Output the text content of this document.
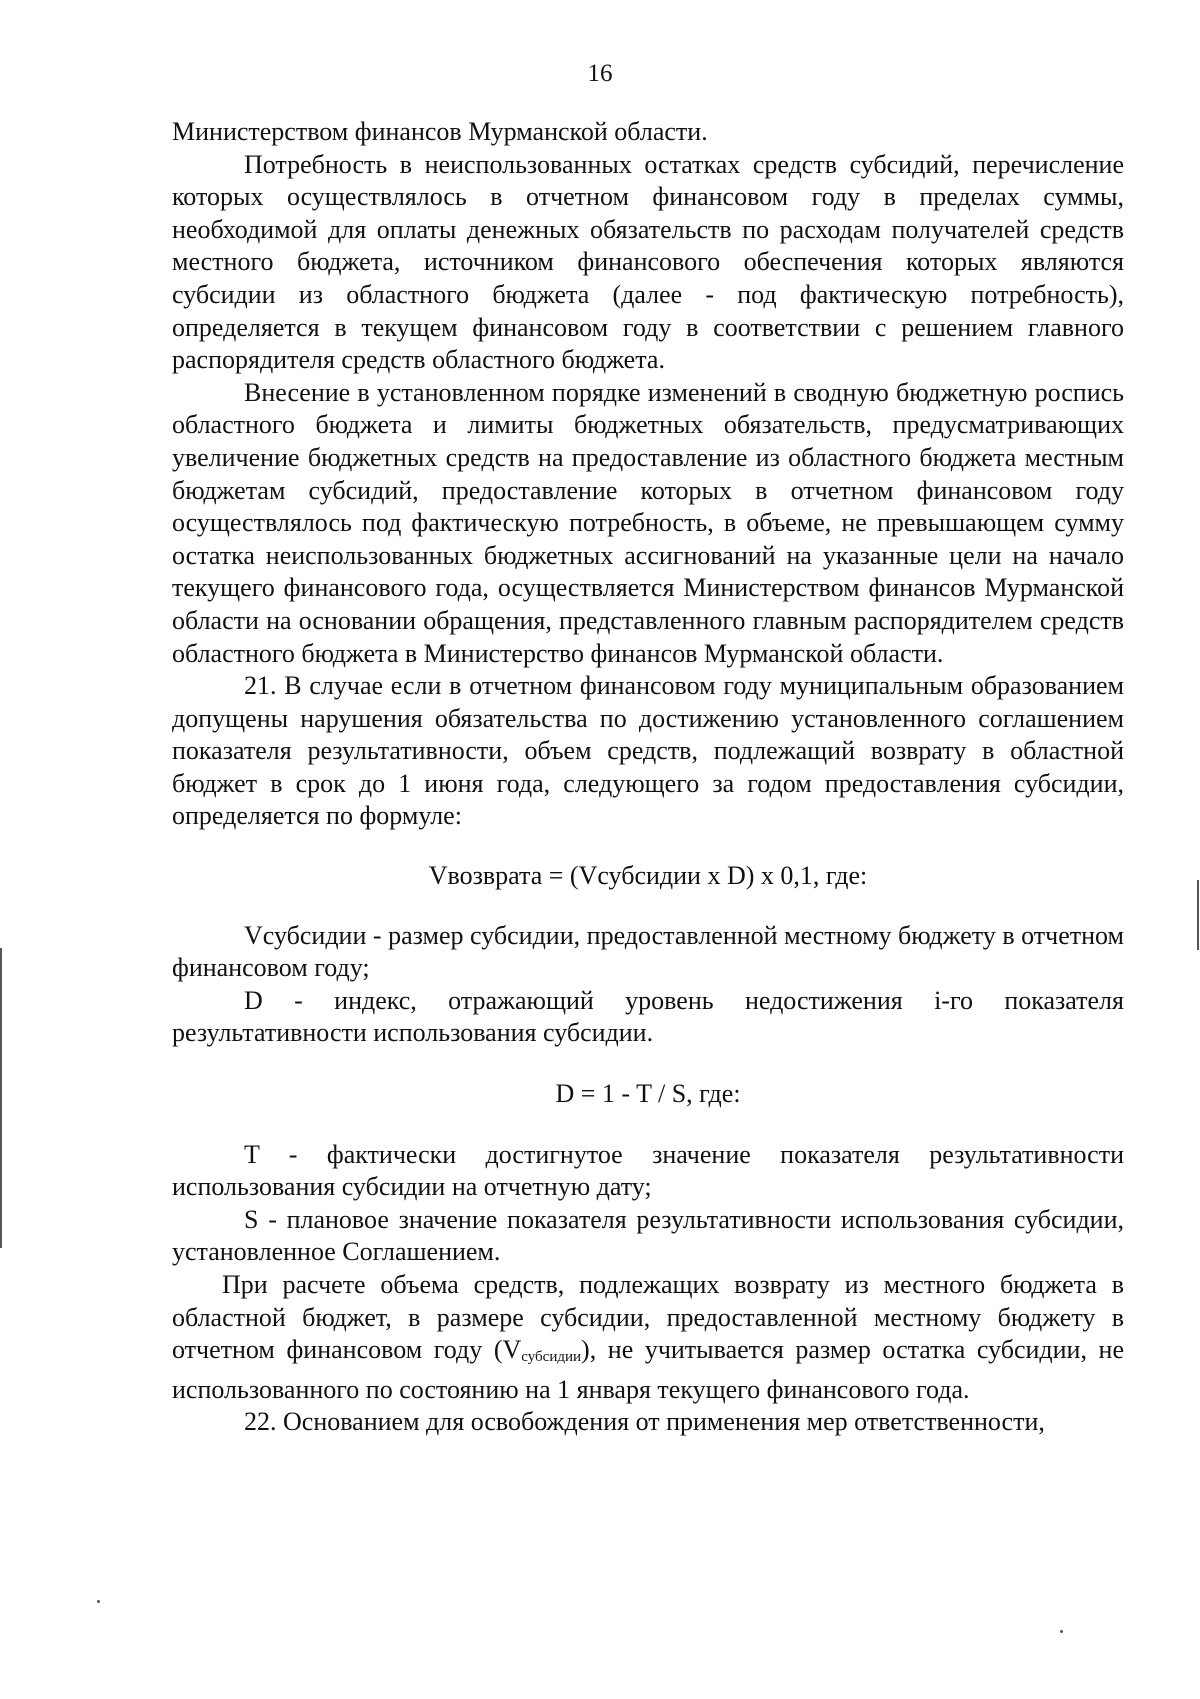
16

Министерством финансов Мурманской области.

Потребность в неиспользованных остатках средств субсидий, перечисление которых осуществлялось в отчетном финансовом году в пределах суммы, необходимой для оплаты денежных обязательств по расходам получателей средств местного бюджета, источником финансового обеспечения которых являются субсидии из областного бюджета (далее - под фактическую потребность), определяется в текущем финансовом году в соответствии с решением главного распорядителя средств областного бюджета.

Внесение в установленном порядке изменений в сводную бюджетную роспись областного бюджета и лимиты бюджетных обязательств, предусматривающих увеличение бюджетных средств на предоставление из областного бюджета местным бюджетам субсидий, предоставление которых в отчетном финансовом году осуществлялось под фактическую потребность, в объеме, не превышающем сумму остатка неиспользованных бюджетных ассигнований на указанные цели на начало текущего финансового года, осуществляется Министерством финансов Мурманской области на основании обращения, представленного главным распорядителем средств областного бюджета в Министерство финансов Мурманской области.

21. В случае если в отчетном финансовом году муниципальным образованием допущены нарушения обязательства по достижению установленного соглашением показателя результативности, объем средств, подлежащий возврату в областной бюджет в срок до 1 июня года, следующего за годом предоставления субсидии, определяется по формуле:

Vвозврата = (Vсубсидии x D) x 0,1, где:

Vсубсидии - размер субсидии, предоставленной местному бюджету в отчетном финансовом году;

D - индекс, отражающий уровень недостижения i-го показателя результативности использования субсидии.

D = 1 - T / S, где:

T - фактически достигнутое значение показателя результативности использования субсидии на отчетную дату;

S - плановое значение показателя результативности использования субсидии, установленное Соглашением.

При расчете объема средств, подлежащих возврату из местного бюджета в областной бюджет, в размере субсидии, предоставленной местному бюджету в отчетном финансовом году $(V_{субсидии})$, не учитывается размер остатка субсидии, не использованного по состоянию на 1 января текущего финансового года.

22. Основанием для освобождения от применения мер ответственности,
